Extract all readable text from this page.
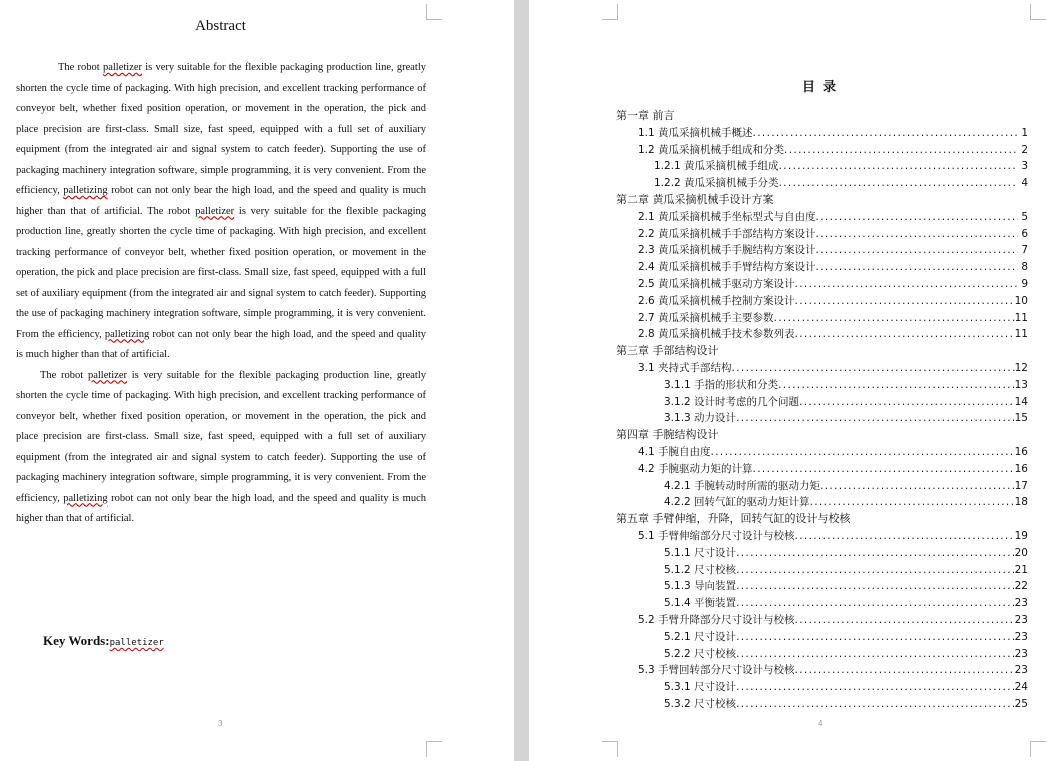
Abstract

The robot palletizer is very suitable for the flexible packaging production line, greatly shorten the cycle time of packaging. With high precision, and excellent tracking performance of conveyor belt, whether fixed position operation, or movement in the operation, the pick and place precision are first-class. Small size, fast speed, equipped with a full set of auxiliary equipment (from the integrated air and signal system to catch feeder). Supporting the use of packaging machinery integration software, simple programming, it is very convenient. From the efficiency, palletizing robot can not only bear the high load, and the speed and quality is much higher than that of artificial. The robot palletizer is very suitable for the flexible packaging production line, greatly shorten the cycle time of packaging. With high precision, and excellent tracking performance of conveyor belt, whether fixed position operation, or movement in the operation, the pick and place precision are first-class. Small size, fast speed, equipped with a full set of auxiliary equipment (from the integrated air and signal system to catch feeder). Supporting the use of packaging machinery integration software, simple programming, it is very convenient. From the efficiency, palletizing robot can not only bear the high load, and the speed and quality is much higher than that of artificial.

The robot palletizer is very suitable for the flexible packaging production line, greatly shorten the cycle time of packaging. With high precision, and excellent tracking performance of conveyor belt, whether fixed position operation, or movement in the operation, the pick and place precision are first-class. Small size, fast speed, equipped with a full set of auxiliary equipment (from the integrated air and signal system to catch feeder). Supporting the use of packaging machinery integration software, simple programming, it is very convenient. From the efficiency, palletizing robot can not only bear the high load, and the speed and quality is much higher than that of artificial.

Key Words:palletizer
3
目录
第一章 前言
1.1 黄瓜采摘机械手概述 . . .	1
1.2 黄瓜采摘机械手组成和分类 . . .	2
1.2.1 黄瓜采摘机械手组成 . . .	3
1.2.2 黄瓜采摘机械手分类 . . .	4
第二章 黄瓜采摘机械手设计方案
2.1 黄瓜采摘机械手坐标型式与自由度 . . .	5
2.2 黄瓜采摘机械手手部结构方案设计 . . .	6
2.3 黄瓜采摘机械手手腕结构方案设计 . . .	7
2.4 黄瓜采摘机械手手臂结构方案设计 . . .	8
2.5 黄瓜采摘机械手驱动方案设计 . . .	9
2.6 黄瓜采摘机械手控制方案设计 . . .	10
2.7 黄瓜采摘机械手主要参数 . . .	11
2.8 黄瓜采摘机械手技术参数列表 . . .	11
第三章 手部结构设计
3.1 夹持式手部结构 . . .	12
3.1.1 手指的形状和分类 . . .	13
3.1.2 设计时考虑的几个问题 . . .	14
3.1.3 动力设计 . . .	15
第四章 手腕结构设计
4.1 手腕自由度 . . .	16
4.2 手腕驱动力矩的计算 . . .	16
4.2.1 手腕转动时所需的驱动力矩 . . .	17
4.2.2 回转气缸的驱动力矩计算 . . .	18
第五章 手臂伸缩，升降，回转气缸的设计与校核
5.1 手臂伸缩部分尺寸设计与校核 . . .	19
5.1.1 尺寸设计 . . .	20
5.1.2 尺寸校核 . . .	21
5.1.3 导向装置 . . .	22
5.1.4 平衡装置 . . .	23
5.2 手臂升降部分尺寸设计与校核 . . .	23
5.2.1 尺寸设计 . . .	23
5.2.2 尺寸校核 . . .	23
5.3 手臂回转部分尺寸设计与校核 . . .	23
5.3.1 尺寸设计 . . .	24
5.3.2 尺寸校核 . . .	25
4
